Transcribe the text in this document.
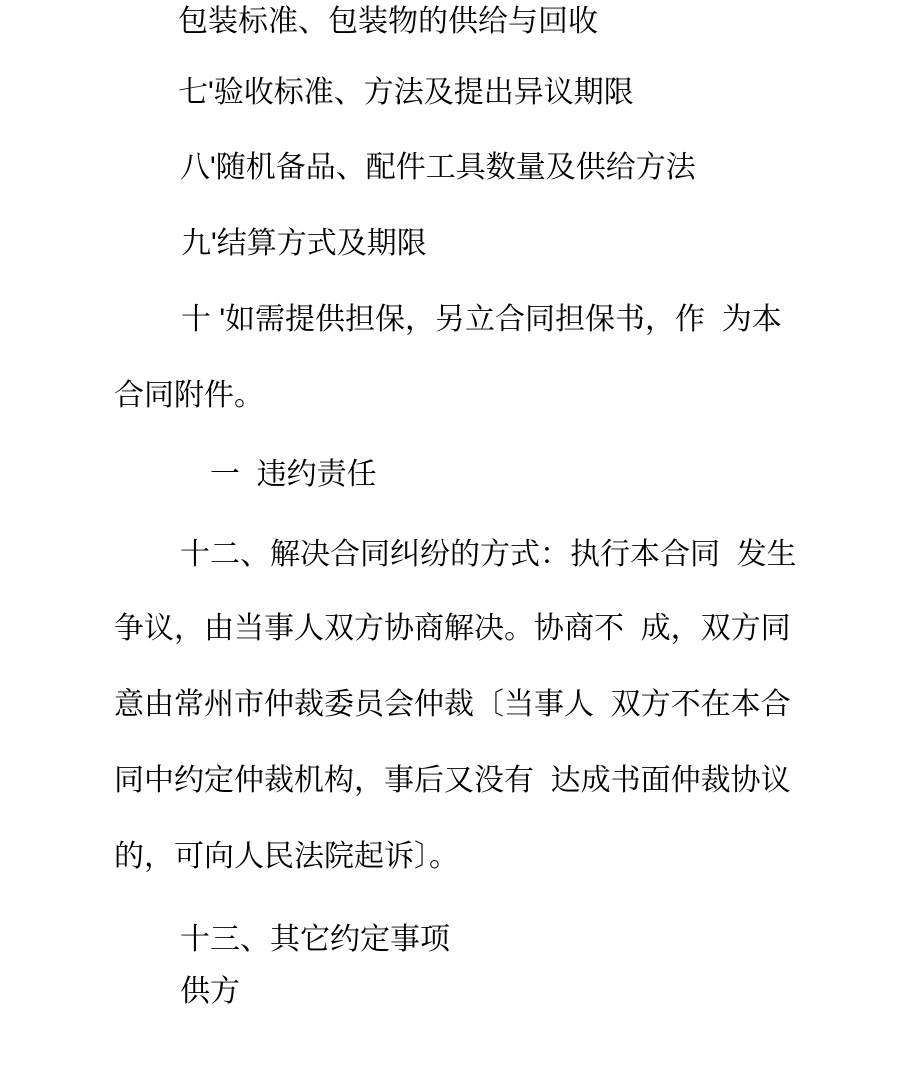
包装标准、包装物的供给与回收
七'验收标准、方法及提出异议期限
八'随机备品、配件工具数量及供给方法
九'结算方式及期限
十 '如需提供担保，另立合同担保书，作  为本
合同附件。
一  违约责任
十二、解决合同纠纷的方式：执行本合同  发生
争议，由当事人双方协商解决。协商不  成，双方同
意由常州市仲裁委员会仲裁〔当事人  双方不在本合
同中约定仲裁机构，事后又没有  达成书面仲裁协议
的，可向人民法院起诉〕。
十三、其它约定事项
供方
